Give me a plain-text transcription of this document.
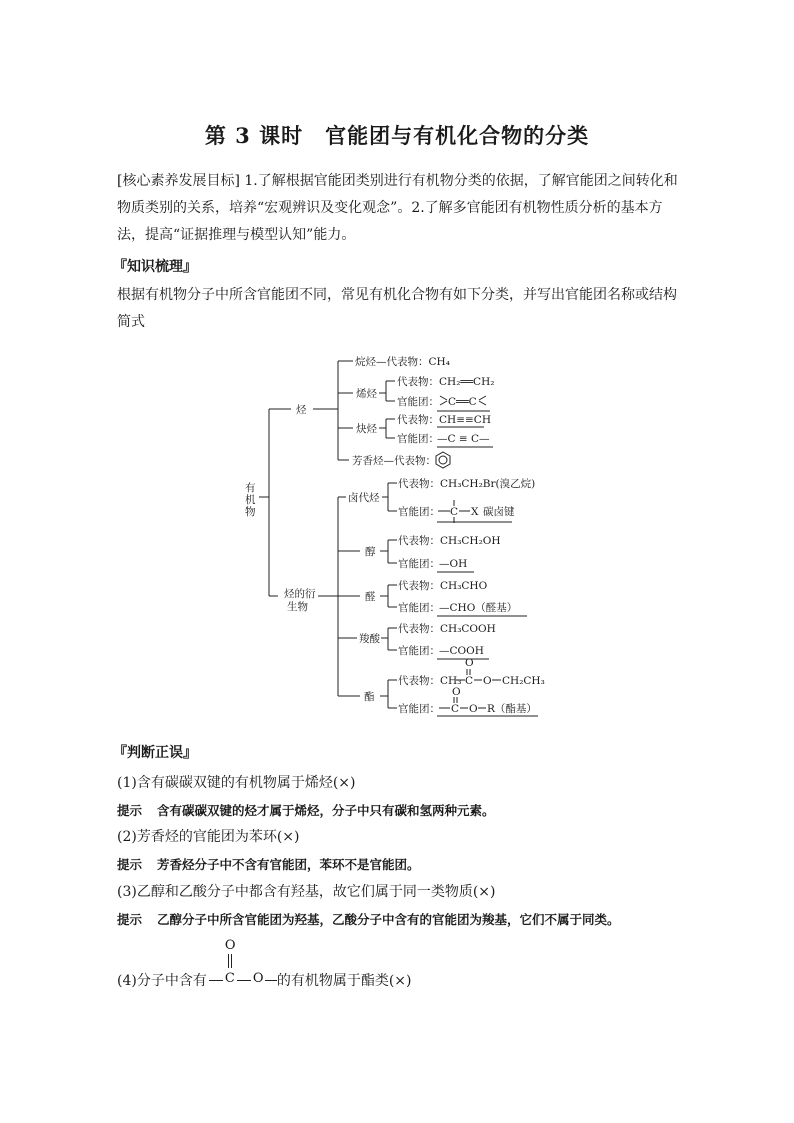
第 3 课时　官能团与有机化合物的分类
[核心素养发展目标] 1.了解根据官能团类别进行有机物分类的依据，了解官能团之间转化和物质类别的关系，培养“宏观辨识及变化观念”。2.了解多官能团有机物性质分析的基本方法，提高“证据推理与模型认知”能力。
『知识梳理』
根据有机物分子中所含官能团不同，常见有机化合物有如下分类，并写出官能团名称或结构简式
有
机
物
烃
烷烃—代表物：CH₄
烯烃
代表物：CH₂══CH₂
官能团： C══C
炔烃
代表物：CH≡≡CH
官能团：
—C ≡ C—
芳香烃—代表物：
烃的衍
生物
卤代烃
代表物：CH₃CH₂Br(溴乙烷)
官能团： C X 碳卤键
醇
代表物：CH₃CH₂OH
官能团： —OH
醛
代表物：CH₃CHO
官能团： —CHO（醛基）
羧酸
代表物：CH₃COOH
官能团： —COOH
酯
代表物：CH₃
O
C O CH₂CH₃
官能团：
O
C O R（酯基）
『判断正误』
(1)含有碳碳双键的有机物属于烯烃(×)
提示 含有碳碳双键的烃才属于烯烃，分子中只有碳和氢两种元素。
(2)芳香烃的官能团为苯环(×)
提示 芳香烃分子中不含有官能团，苯环不是官能团。
(3)乙醇和乙酸分子中都含有羟基，故它们属于同一类物质(×)
提示 乙醇分子中所含官能团为羟基，乙酸分子中含有的官能团为羧基，它们不属于同类。
(4)分子中含有 C
O
O 的有机物属于酯类(×)
